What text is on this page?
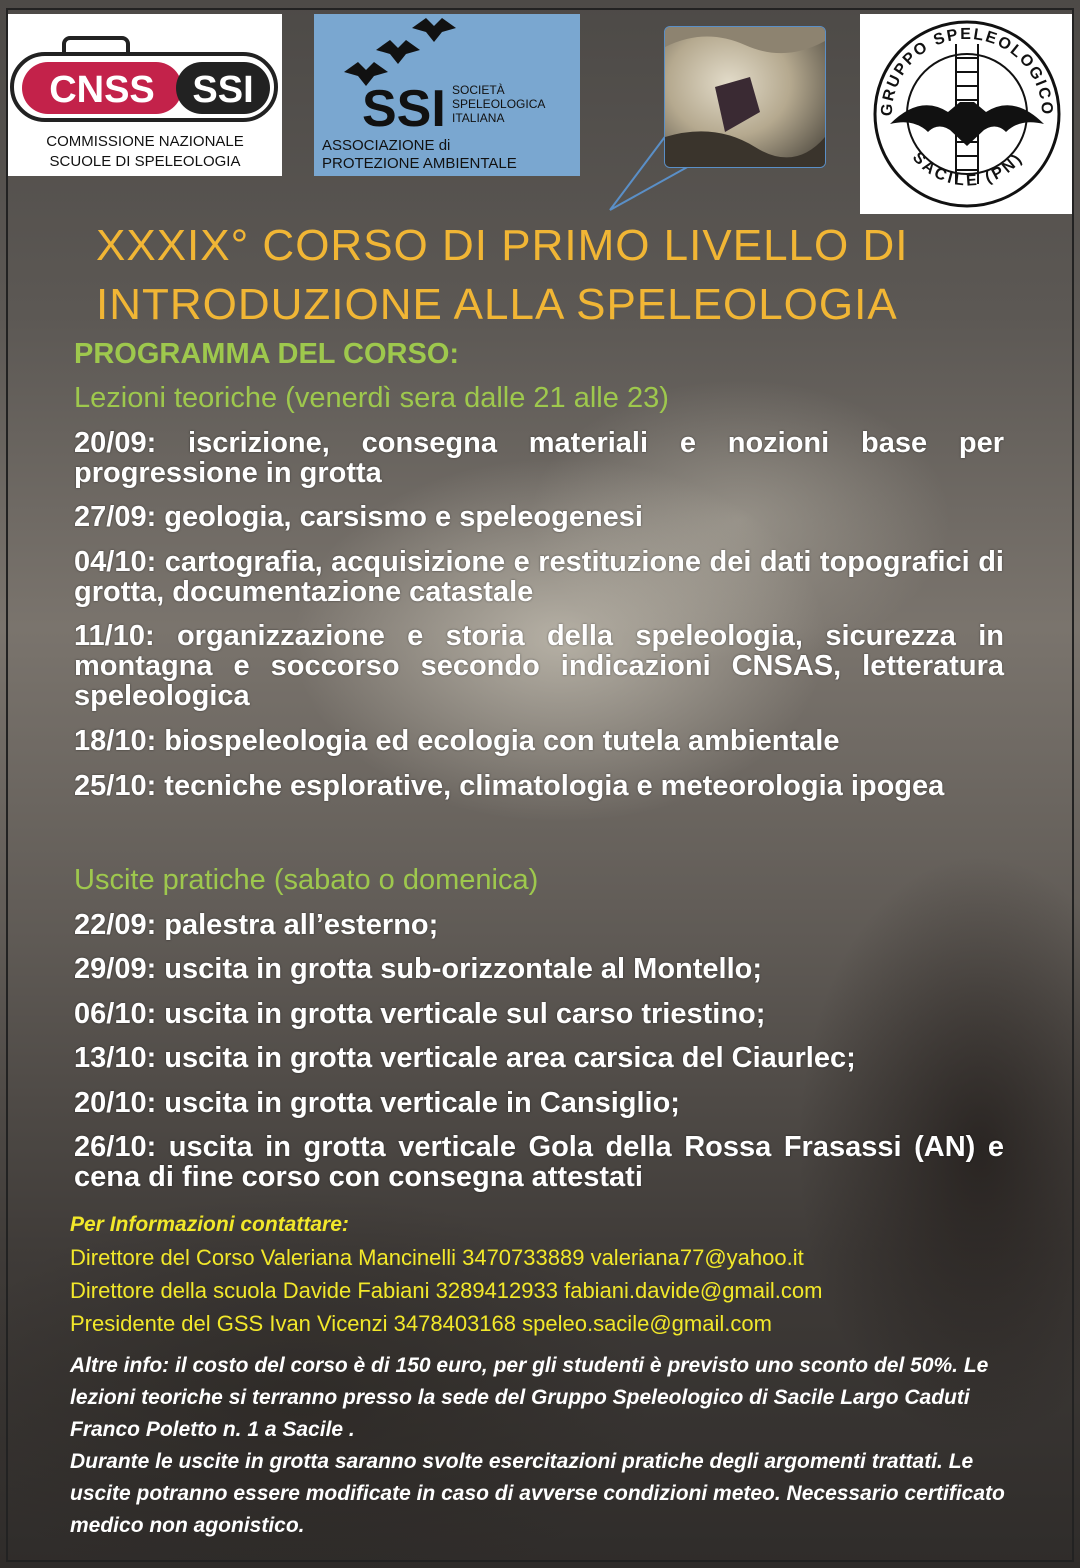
CNSS SSI
COMMISSIONE NAZIONALE
SCUOLE DI SPELEOLOGIA
SSI SOCIETÀ
SPELEOLOGICA
ITALIANA
ASSOCIAZIONE di
PROTEZIONE AMBIENTALE
GRUPPO SPELEOLOGICO
SACILE (PN)
XXXIX° CORSO DI PRIMO LIVELLO DI
INTRODUZIONE ALLA SPELEOLOGIA
PROGRAMMA DEL CORSO:
Lezioni teoriche (venerdì sera dalle 21 alle 23)
20/09: iscrizione, consegna materiali e nozioni base per progressione in grotta
27/09: geologia, carsismo e speleogenesi
04/10: cartografia, acquisizione e restituzione dei dati topografici di grotta, documentazione catastale
11/10: organizzazione e storia della speleologia, sicurezza in montagna e soccorso secondo indicazioni CNSAS, letteratura speleologica
18/10: biospeleologia ed ecologia con tutela ambientale
25/10: tecniche esplorative, climatologia e meteorologia ipogea
Uscite pratiche (sabato o domenica)
22/09: palestra all’esterno;
29/09: uscita in grotta sub-orizzontale al Montello;
06/10: uscita in grotta verticale sul carso triestino;
13/10: uscita in grotta verticale area carsica del Ciaurlec;
20/10: uscita in grotta verticale in Cansiglio;
26/10: uscita in grotta verticale Gola della Rossa Frasassi (AN) e cena di fine corso con consegna attestati
Per Informazioni contattare:
Direttore del Corso Valeriana Mancinelli 3470733889 valeriana77@yahoo.it
Direttore della scuola Davide Fabiani 3289412933 fabiani.davide@gmail.com
Presidente del GSS Ivan Vicenzi 3478403168 speleo.sacile@gmail.com

Altre info: il costo del corso è di 150 euro, per gli studenti è previsto uno sconto del 50%. Le lezioni teoriche si terranno presso la sede del Gruppo Speleologico di Sacile Largo Caduti Franco Poletto n. 1 a Sacile .

Durante le uscite in grotta saranno svolte esercitazioni pratiche degli argomenti trattati. Le uscite potranno essere modificate in caso di avverse condizioni meteo. Necessario certificato medico non agonistico.
